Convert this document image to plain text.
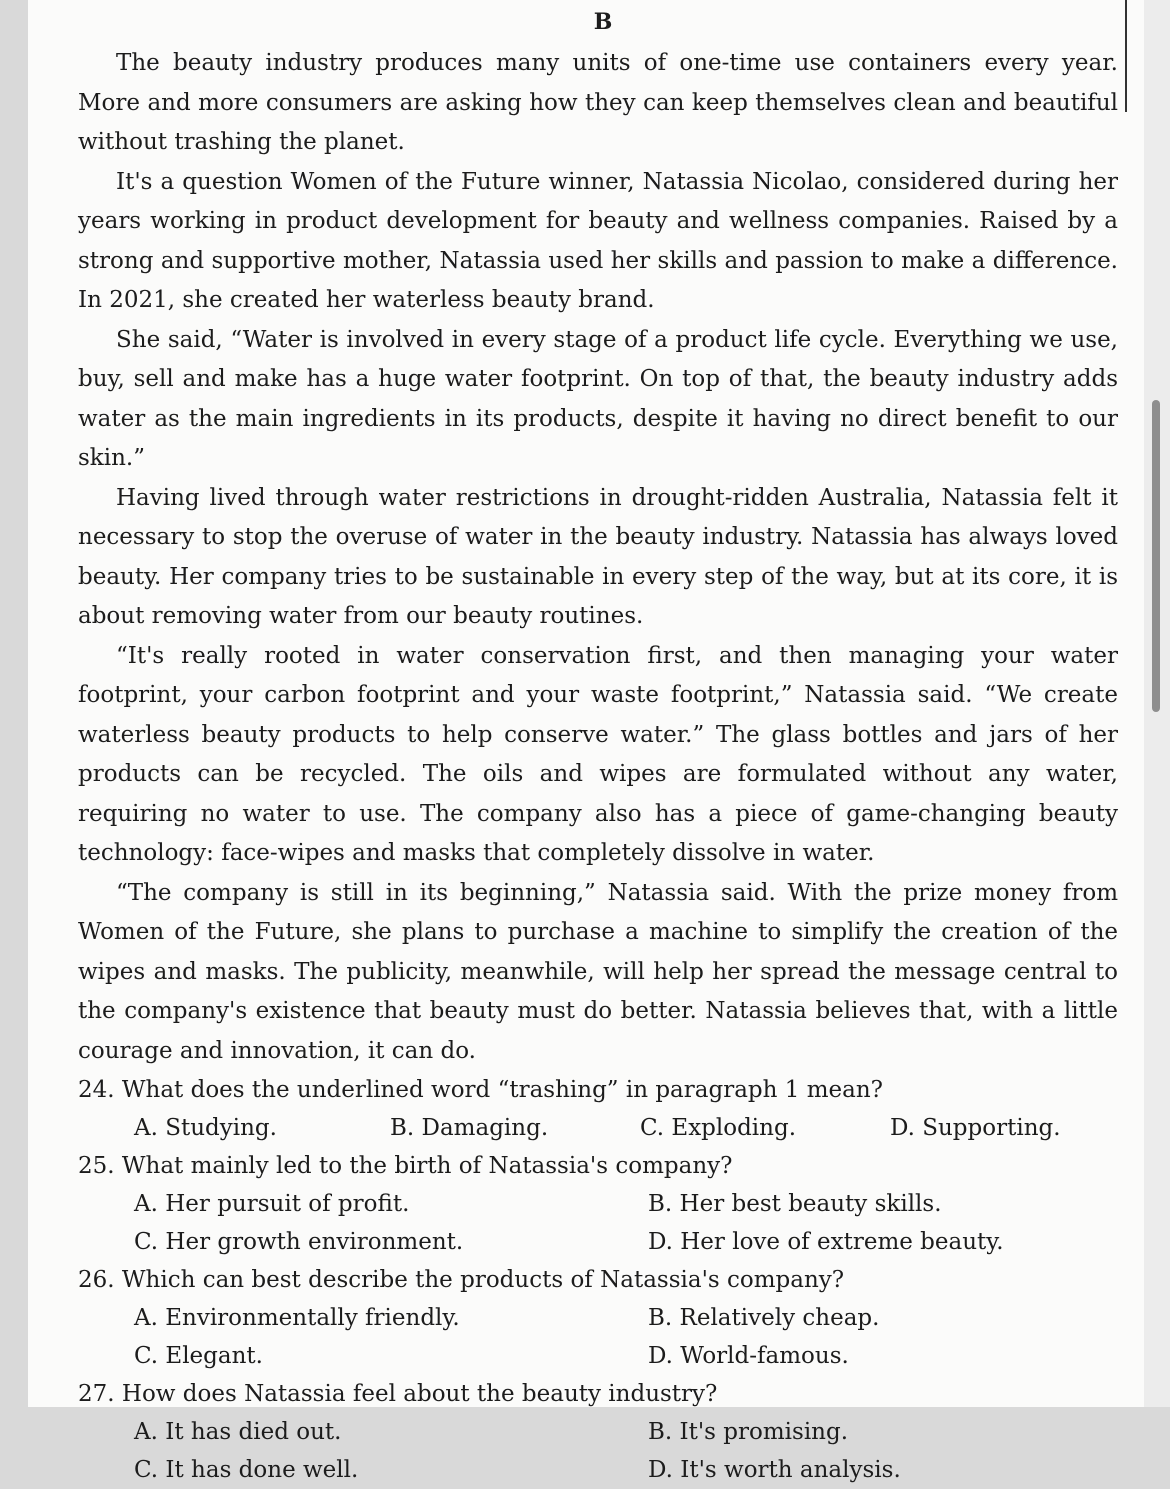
B

The beauty industry produces many units of one-time use containers every year. More and more consumers are asking how they can keep themselves clean and beautiful without trashing the planet.

It's a question Women of the Future winner, Natassia Nicolao, considered during her years working in product development for beauty and wellness companies. Raised by a strong and supportive mother, Natassia used her skills and passion to make a difference. In 2021, she created her waterless beauty brand.

She said, “Water is involved in every stage of a product life cycle. Everything we use, buy, sell and make has a huge water footprint. On top of that, the beauty industry adds water as the main ingredients in its products, despite it having no direct benefit to our skin.”

Having lived through water restrictions in drought-ridden Australia, Natassia felt it necessary to stop the overuse of water in the beauty industry. Natassia has always loved beauty. Her company tries to be sustainable in every step of the way, but at its core, it is about removing water from our beauty routines.

“It's really rooted in water conservation first, and then managing your water footprint, your carbon footprint and your waste footprint,” Natassia said. “We create waterless beauty products to help conserve water.” The glass bottles and jars of her products can be recycled. The oils and wipes are formulated without any water, requiring no water to use. The company also has a piece of game-changing beauty technology: face-wipes and masks that completely dissolve in water.

“The company is still in its beginning,” Natassia said. With the prize money from Women of the Future, she plans to purchase a machine to simplify the creation of the wipes and masks. The publicity, meanwhile, will help her spread the message central to the company's existence that beauty must do better. Natassia believes that, with a little courage and innovation, it can do.

24. What does the underlined word “trashing” in paragraph 1 mean?

A. Studying.	B. Damaging.	C. Exploding.	D. Supporting.

25. What mainly led to the birth of Natassia's company?

A. Her pursuit of profit.	B. Her best beauty skills.
C. Her growth environment.	D. Her love of extreme beauty.

26. Which can best describe the products of Natassia's company?

A. Environmentally friendly.	B. Relatively cheap.
C. Elegant.	D. World-famous.

27. How does Natassia feel about the beauty industry?

A. It has died out.	B. It's promising.
C. It has done well.	D. It's worth analysis.
